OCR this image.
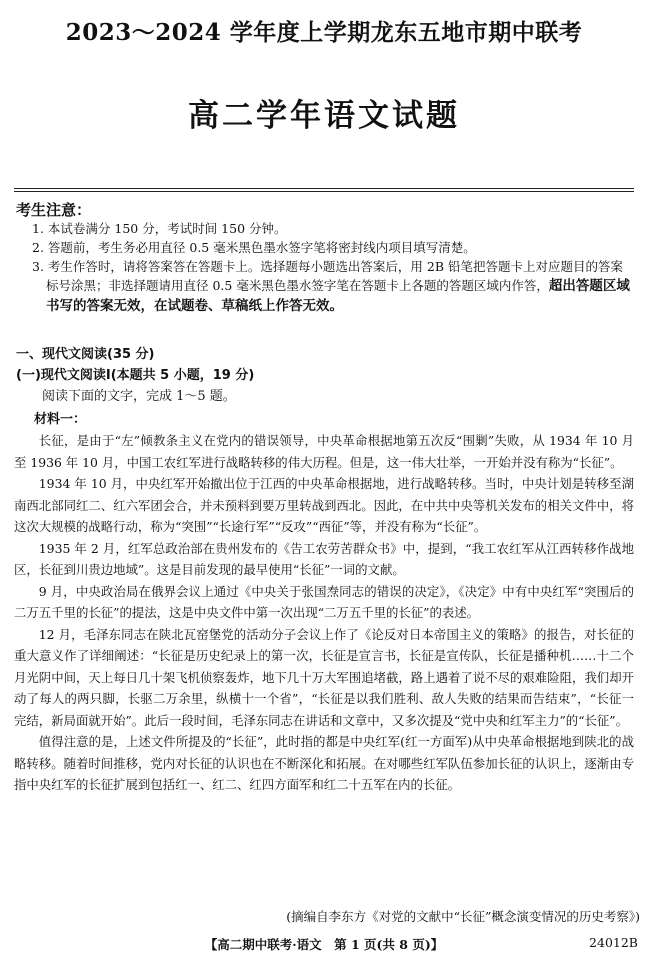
2023～2024 学年度上学期龙东五地市期中联考
高二学年语文试题
考生注意：

1. 本试卷满分 150 分，考试时间 150 分钟。

2. 答题前，考生务必用直径 0.5 毫米黑色墨水签字笔将密封线内项目填写清楚。

3. 考生作答时，请将答案答在答题卡上。选择题每小题选出答案后，用 2B 铅笔把答题卡上对应题目的答案标号涂黑；非选择题请用直径 0.5 毫米黑色墨水签字笔在答题卡上各题的答题区域内作答，超出答题区域书写的答案无效，在试题卷、草稿纸上作答无效。

一、现代文阅读(35 分)
(一)现代文阅读Ⅰ(本题共 5 小题，19 分)
阅读下面的文字，完成 1～5 题。
材料一：

长征，是由于“左”倾教条主义在党内的错误领导，中央革命根据地第五次反“围剿”失败，从 1934 年 10 月至 1936 年 10 月，中国工农红军进行战略转移的伟大历程。但是，这一伟大壮举，一开始并没有称为“长征”。

1934 年 10 月，中央红军开始撤出位于江西的中央革命根据地，进行战略转移。当时，中央计划是转移至湖南西北部同红二、红六军团会合，并未预料到要万里转战到西北。因此，在中共中央等机关发布的相关文件中，将这次大规模的战略行动，称为“突围”“长途行军”“反攻”“西征”等，并没有称为“长征”。

1935 年 2 月，红军总政治部在贵州发布的《告工农劳苦群众书》中，提到，“我工农红军从江西转移作战地区，长征到川贵边地域”。这是目前发现的最早使用“长征”一词的文献。

9 月，中央政治局在俄界会议上通过《中央关于张国焘同志的错误的决定》，《决定》中有中央红军“突围后的二万五千里的长征”的提法，这是中央文件中第一次出现“二万五千里的长征”的表述。

12 月，毛泽东同志在陕北瓦窑堡党的活动分子会议上作了《论反对日本帝国主义的策略》的报告，对长征的重大意义作了详细阐述：“长征是历史纪录上的第一次，长征是宣言书，长征是宣传队，长征是播种机……十二个月光阴中间，天上每日几十架飞机侦察轰炸，地下几十万大军围追堵截，路上遇着了说不尽的艰难险阻，我们却开动了每人的两只脚，长驱二万余里，纵横十一个省”，“长征是以我们胜利、敌人失败的结果而告结束”，“长征一完结，新局面就开始”。此后一段时间，毛泽东同志在讲话和文章中，又多次提及“党中央和红军主力”的“长征”。

值得注意的是，上述文件所提及的“长征”，此时指的都是中央红军(红一方面军)从中央革命根据地到陕北的战略转移。随着时间推移，党内对长征的认识也在不断深化和拓展。在对哪些红军队伍参加长征的认识上，逐渐由专指中央红军的长征扩展到包括红一、红二、红四方面军和红二十五军在内的长征。

(摘编自李东方《对党的文献中“长征”概念演变情况的历史考察》)
【高二期中联考·语文　第 1 页(共 8 页)】	24012B
